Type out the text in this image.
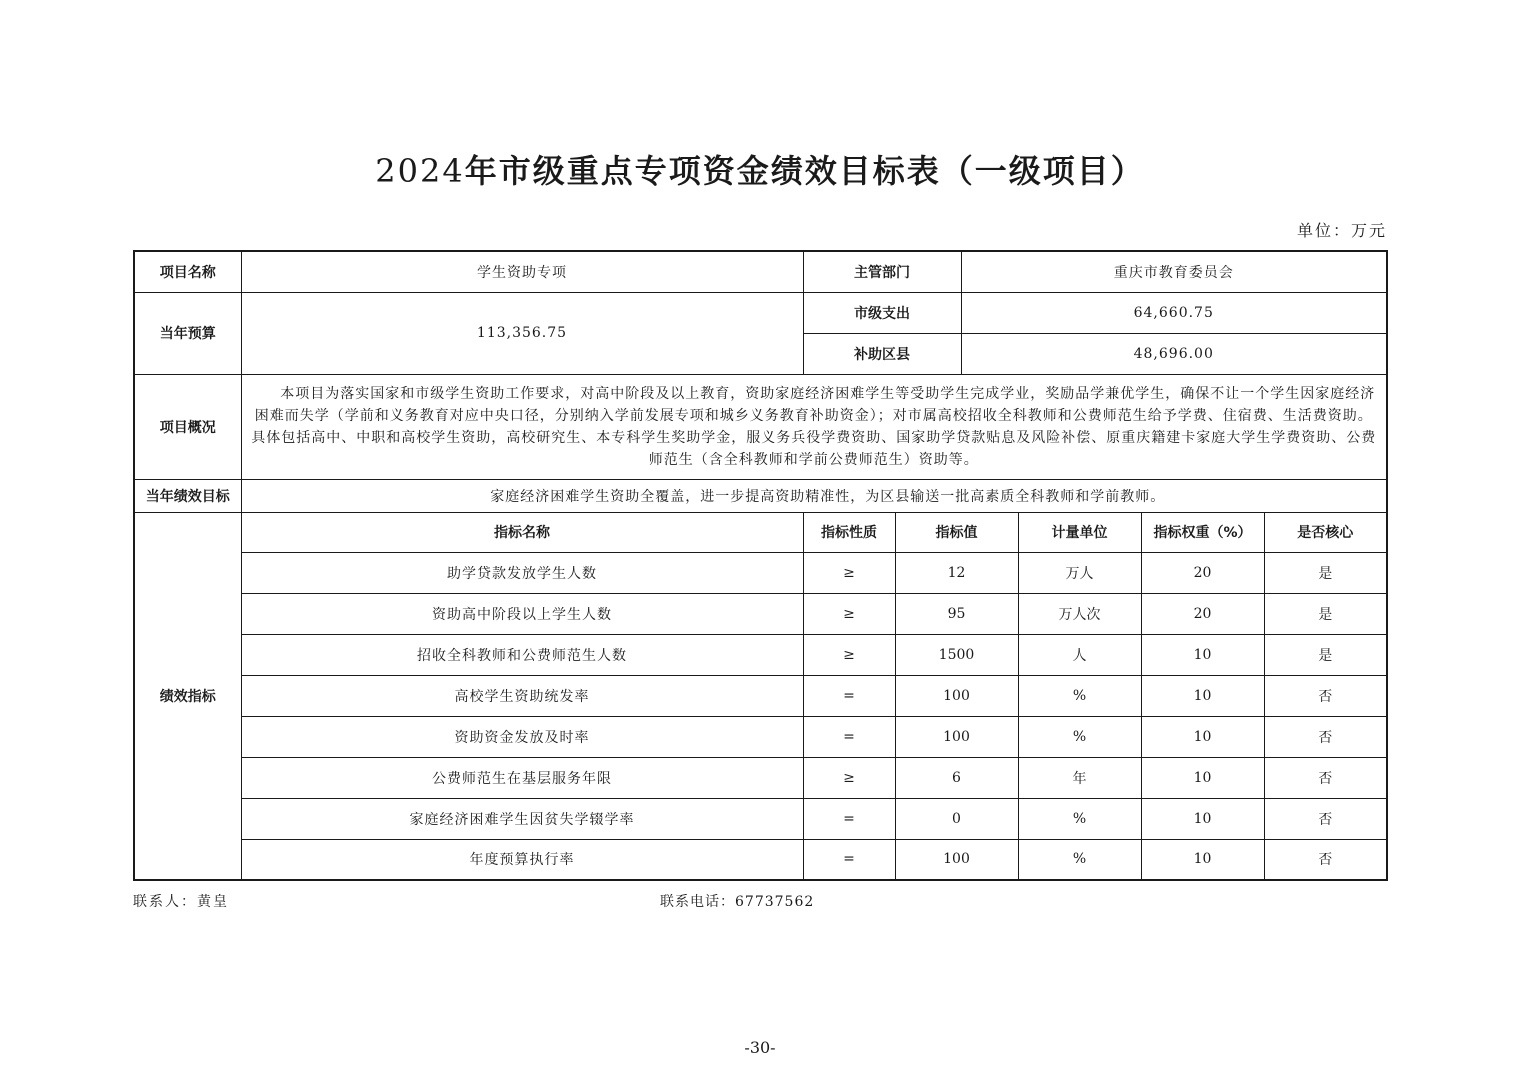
2024年市级重点专项资金绩效目标表（一级项目）
单位：万元
项目名称	学生资助专项	主管部门		重庆市教育委员会			
当年预算	113,356.75	市级支出		64,660.75			
		补助区县		48,696.00			
项目概况	本项目为落实国家和市级学生资助工作要求，对高中阶段及以上教育，资助家庭经济困难学生等受助学生完成学业，奖励品学兼优学生，确保不让一个学生因家庭经济困难而失学（学前和义务教育对应中央口径，分别纳入学前发展专项和城乡义务教育补助资金）；对市属高校招收全科教师和公费师范生给予学费、住宿费、生活费资助。具体包括高中、中职和高校学生资助，高校研究生、本专科学生奖助学金，服义务兵役学费资助、国家助学贷款贴息及风险补偿、原重庆籍建卡家庭大学生学费资助、公费师范生（含全科教师和学前公费师范生）资助等。						
当年绩效目标	家庭经济困难学生资助全覆盖，进一步提高资助精准性，为区县输送一批高素质全科教师和学前教师。						
绩效指标	指标名称	指标性质	指标值		计量单位	指标权重（%）	是否核心
	助学贷款发放学生人数	≥	12		万人	20	是
	资助高中阶段以上学生人数	≥	95		万人次	20	是
	招收全科教师和公费师范生人数	≥	1500		人	10	是
	高校学生资助统发率	=	100		%	10	否
	资助资金发放及时率	=	100		%	10	否
	公费师范生在基层服务年限	≥	6		年	10	否
	家庭经济困难学生因贫失学辍学率	=	0		%	10	否
	年度预算执行率	=	100		%	10	否
联系人：黄皇	联系电话：67737562
-30-
